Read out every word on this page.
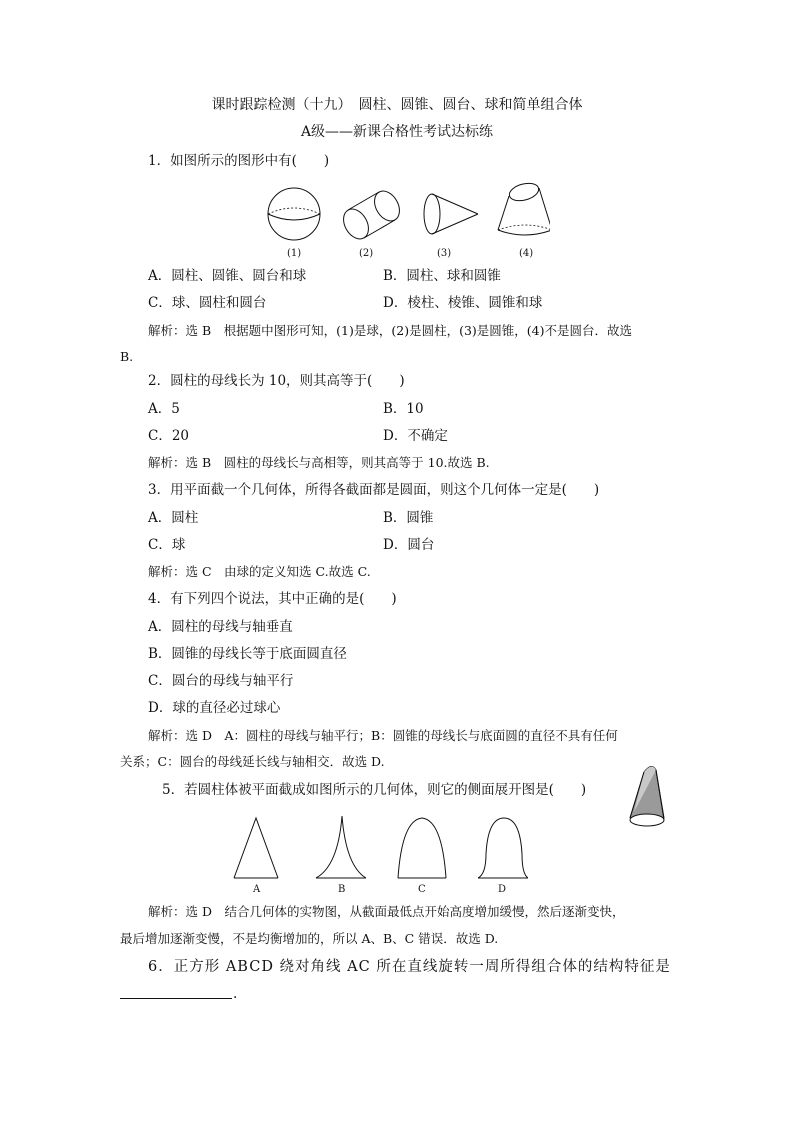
课时跟踪检测（十九）　圆柱、圆锥、圆台、球和简单组合体
A级——新课合格性考试达标练
1．如图所示的图形中有(　　)
(1)	(2)	(3)	(4)
A．圆柱、圆锥、圆台和球	B．圆柱、球和圆锥
C．球、圆柱和圆台	D．棱柱、棱锥、圆锥和球
解析：选 B　根据题中图形可知，(1)是球，(2)是圆柱，(3)是圆锥，(4)不是圆台．故选
B.
2．圆柱的母线长为 10，则其高等于(　　)
A．5	B．10
C．20	D．不确定
解析：选 B　圆柱的母线长与高相等，则其高等于 10.故选 B.
3．用平面截一个几何体，所得各截面都是圆面，则这个几何体一定是(　　)
A．圆柱	B．圆锥
C．球	D．圆台
解析：选 C　由球的定义知选 C.故选 C.
4．有下列四个说法，其中正确的是(　　)
A．圆柱的母线与轴垂直
B．圆锥的母线长等于底面圆直径
C．圆台的母线与轴平行
D．球的直径必过球心
解析：选 D　A：圆柱的母线与轴平行；B：圆锥的母线长与底面圆的直径不具有任何
关系；C：圆台的母线延长线与轴相交．故选 D.
5．若圆柱体被平面截成如图所示的几何体，则它的侧面展开图是(　　)
A	B	C	D
解析：选 D　结合几何体的实物图，从截面最低点开始高度增加缓慢，然后逐渐变快，
最后增加逐渐变慢，不是均衡增加的，所以 A、B、C 错误．故选 D.
6．正方形 ABCD 绕对角线 AC 所在直线旋转一周所得组合体的结构特征是
.
